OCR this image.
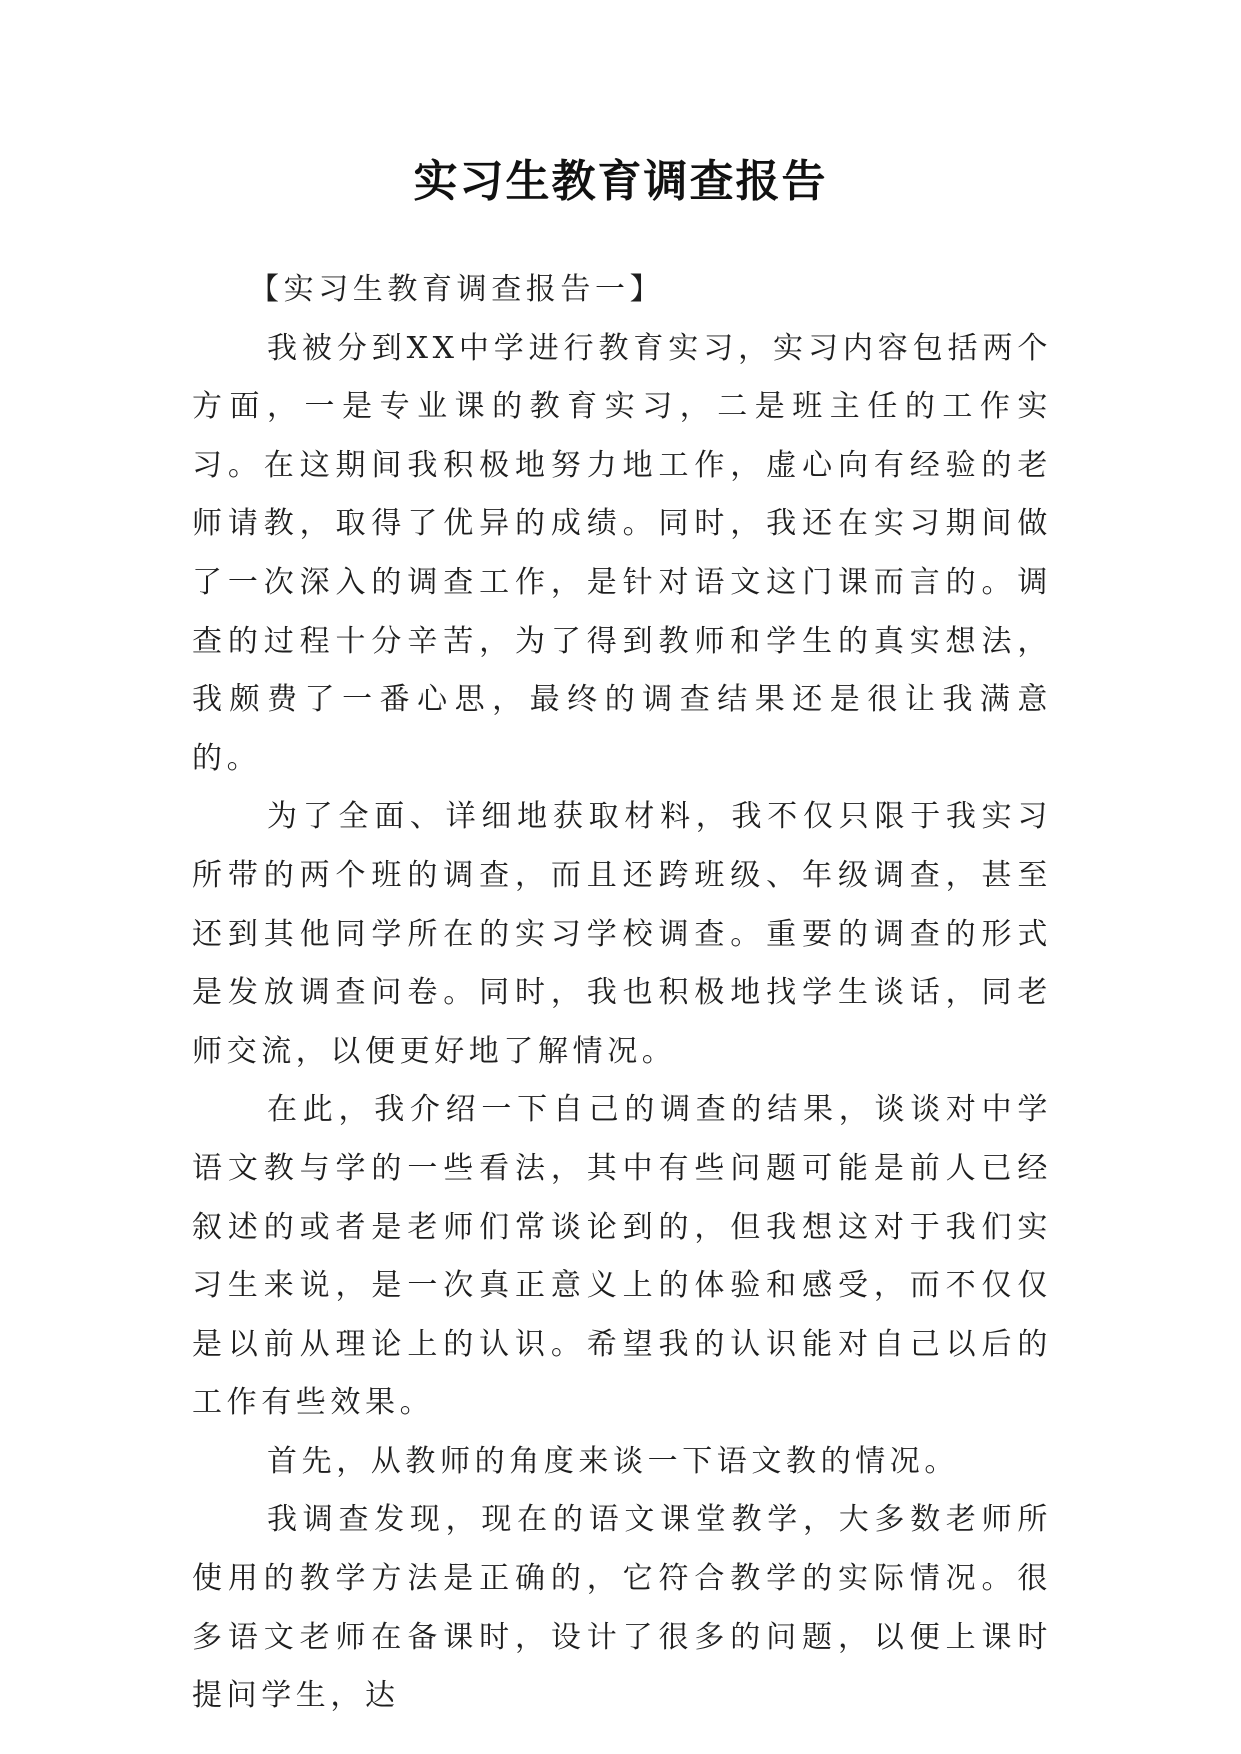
实习生教育调查报告

【实习生教育调查报告一】

我被分到XX中学进行教育实习，实习内容包括两个方面，一是专业课的教育实习，二是班主任的工作实习。在这期间我积极地努力地工作，虚心向有经验的老师请教，取得了优异的成绩。同时，我还在实习期间做了一次深入的调查工作，是针对语文这门课而言的。调查的过程十分辛苦，为了得到教师和学生的真实想法，我颇费了一番心思，最终的调查结果还是很让我满意的。

为了全面、详细地获取材料，我不仅只限于我实习所带的两个班的调查，而且还跨班级、年级调查，甚至还到其他同学所在的实习学校调查。重要的调查的形式是发放调查问卷。同时，我也积极地找学生谈话，同老师交流，以便更好地了解情况。

在此，我介绍一下自己的调查的结果，谈谈对中学语文教与学的一些看法，其中有些问题可能是前人已经叙述的或者是老师们常谈论到的，但我想这对于我们实习生来说，是一次真正意义上的体验和感受，而不仅仅是以前从理论上的认识。希望我的认识能对自己以后的工作有些效果。

首先，从教师的角度来谈一下语文教的情况。

我调查发现，现在的语文课堂教学，大多数老师所使用的教学方法是正确的，它符合教学的实际情况。很多语文老师在备课时，设计了很多的问题，以便上课时提问学生，达
